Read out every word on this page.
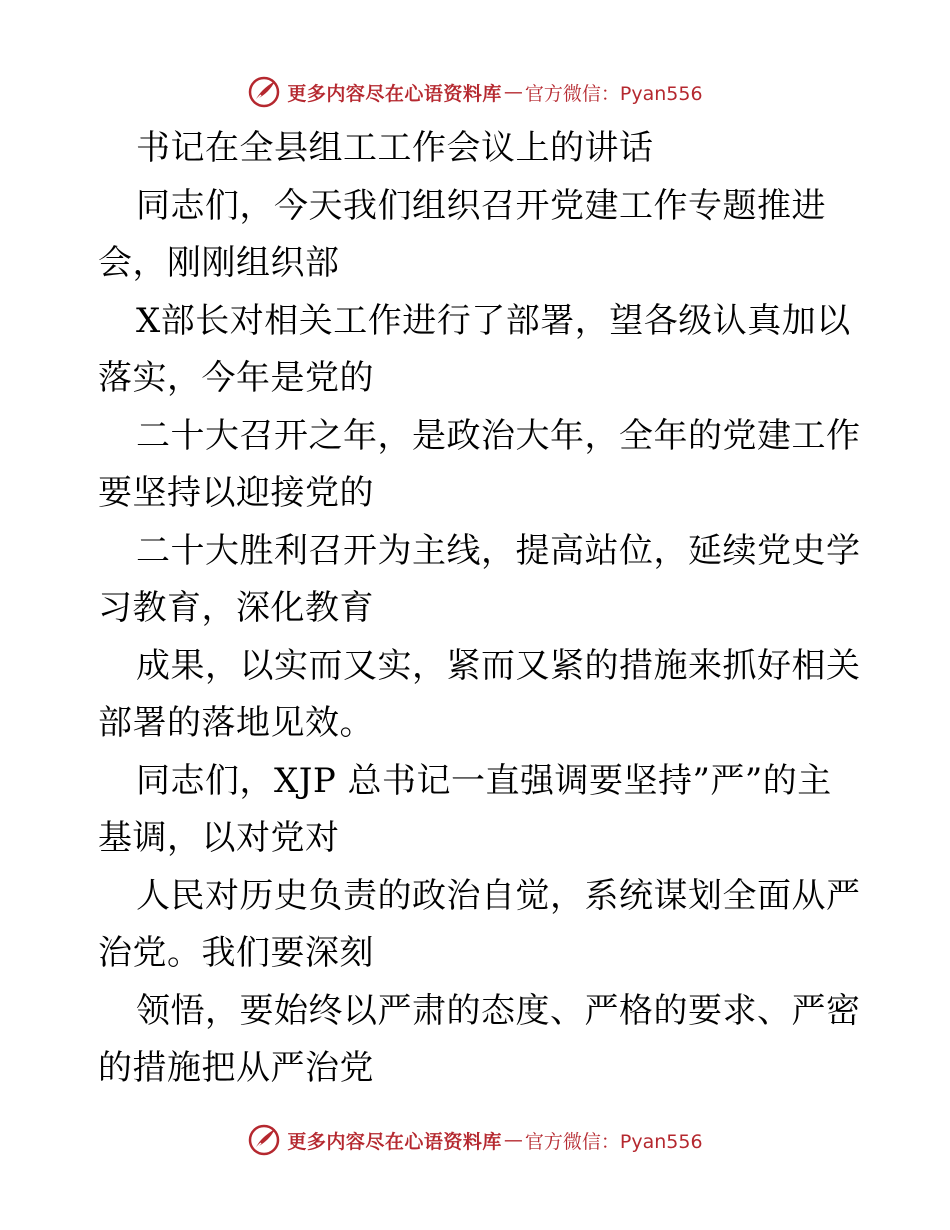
更多内容尽在心语资料库 — 官方微信：Pyan556
书记在全县组工工作会议上的讲话
同志们，今天我们组织召开党建工作专题推进
会，刚刚组织部
X部长对相关工作进行了部署，望各级认真加以
落实，今年是党的
二十大召开之年，是政治大年，全年的党建工作
要坚持以迎接党的
二十大胜利召开为主线，提高站位，延续党史学
习教育，深化教育
成果，以实而又实，紧而又紧的措施来抓好相关
部署的落地见效。
同志们，XJP 总书记一直强调要坚持”严”的主
基调，以对党对
人民对历史负责的政治自觉，系统谋划全面从严
治党。我们要深刻
领悟，要始终以严肃的态度、严格的要求、严密
的措施把从严治党
更多内容尽在心语资料库 — 官方微信：Pyan556
